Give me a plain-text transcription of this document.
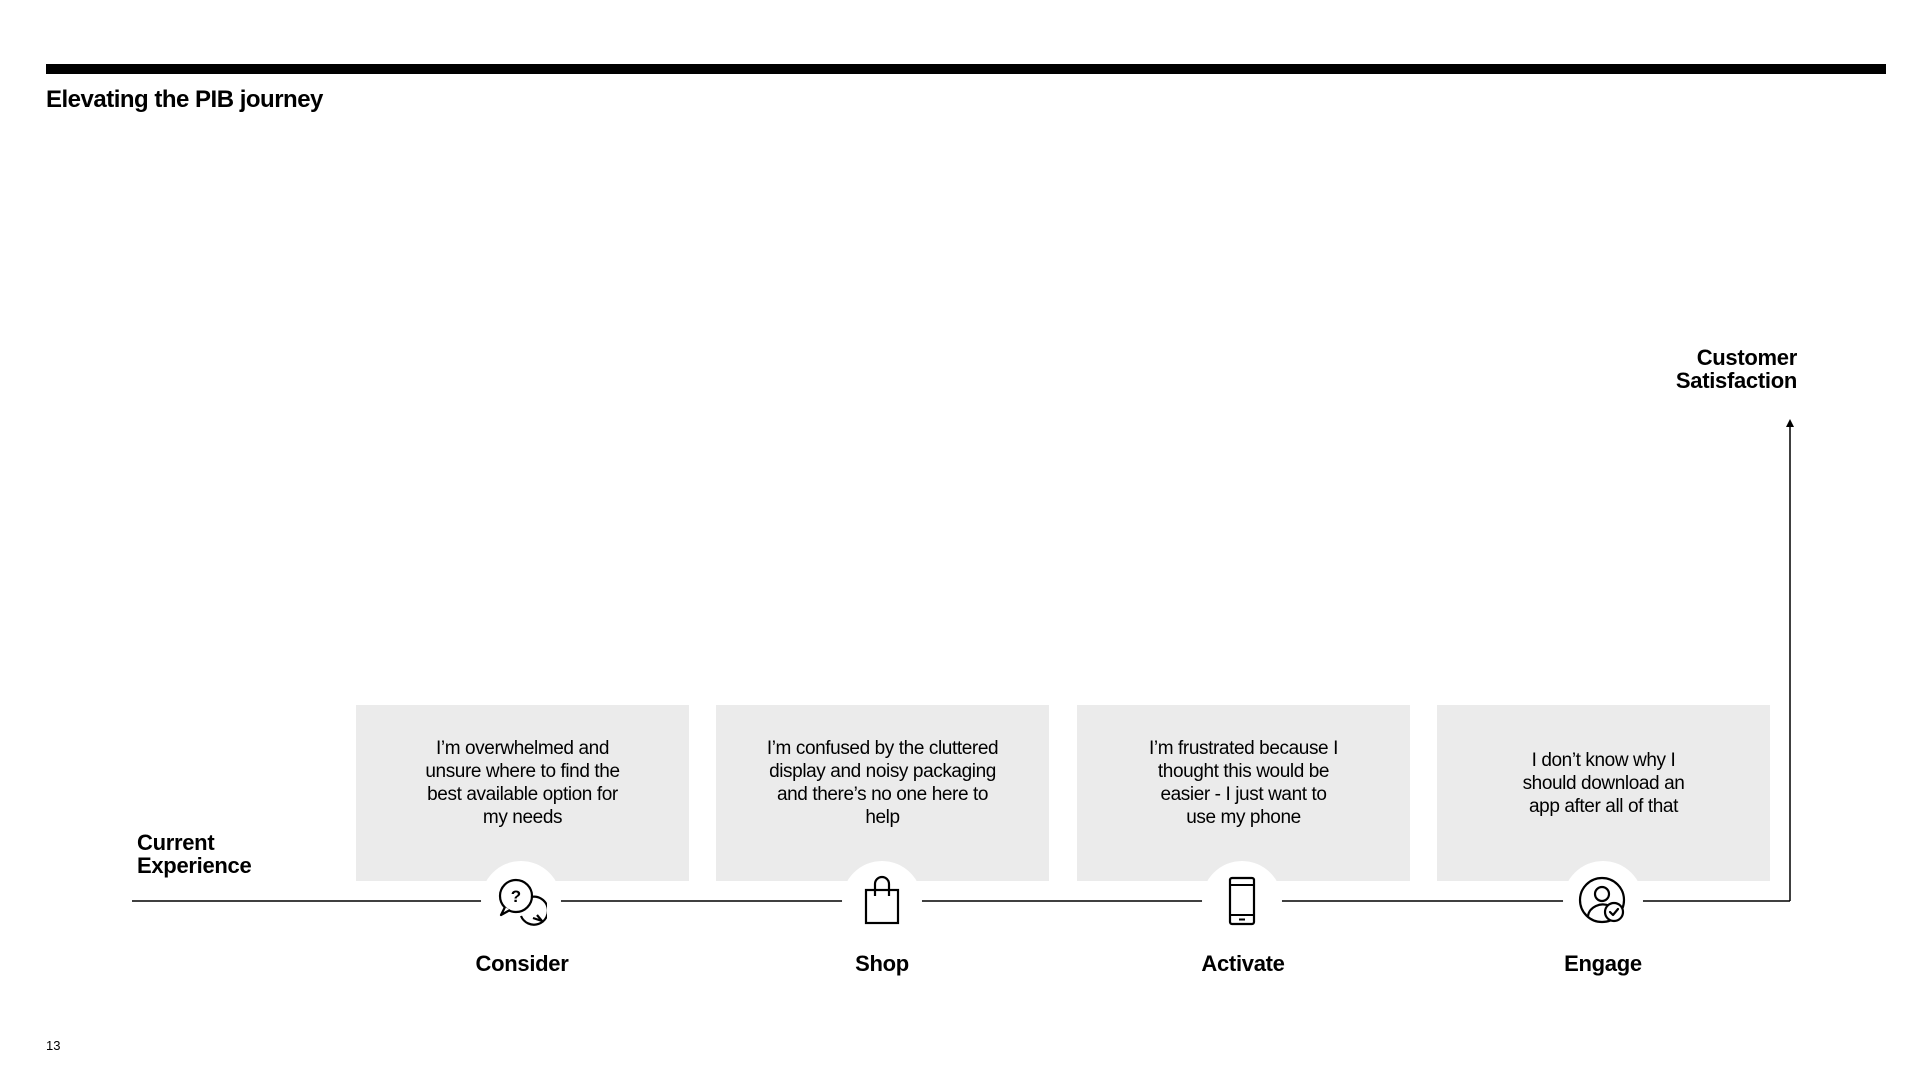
Elevating the PIB journey
Customer
Satisfaction
Current
Experience
I’m overwhelmed and unsure where to find the best available option for my needs
?
Consider
I’m confused by the cluttered display and noisy packaging and there’s no one here to help
Shop
I’m frustrated because I thought this would be easier - I just want to use my phone
Activate
I don’t know why I should download an app after all of that
Engage
13
